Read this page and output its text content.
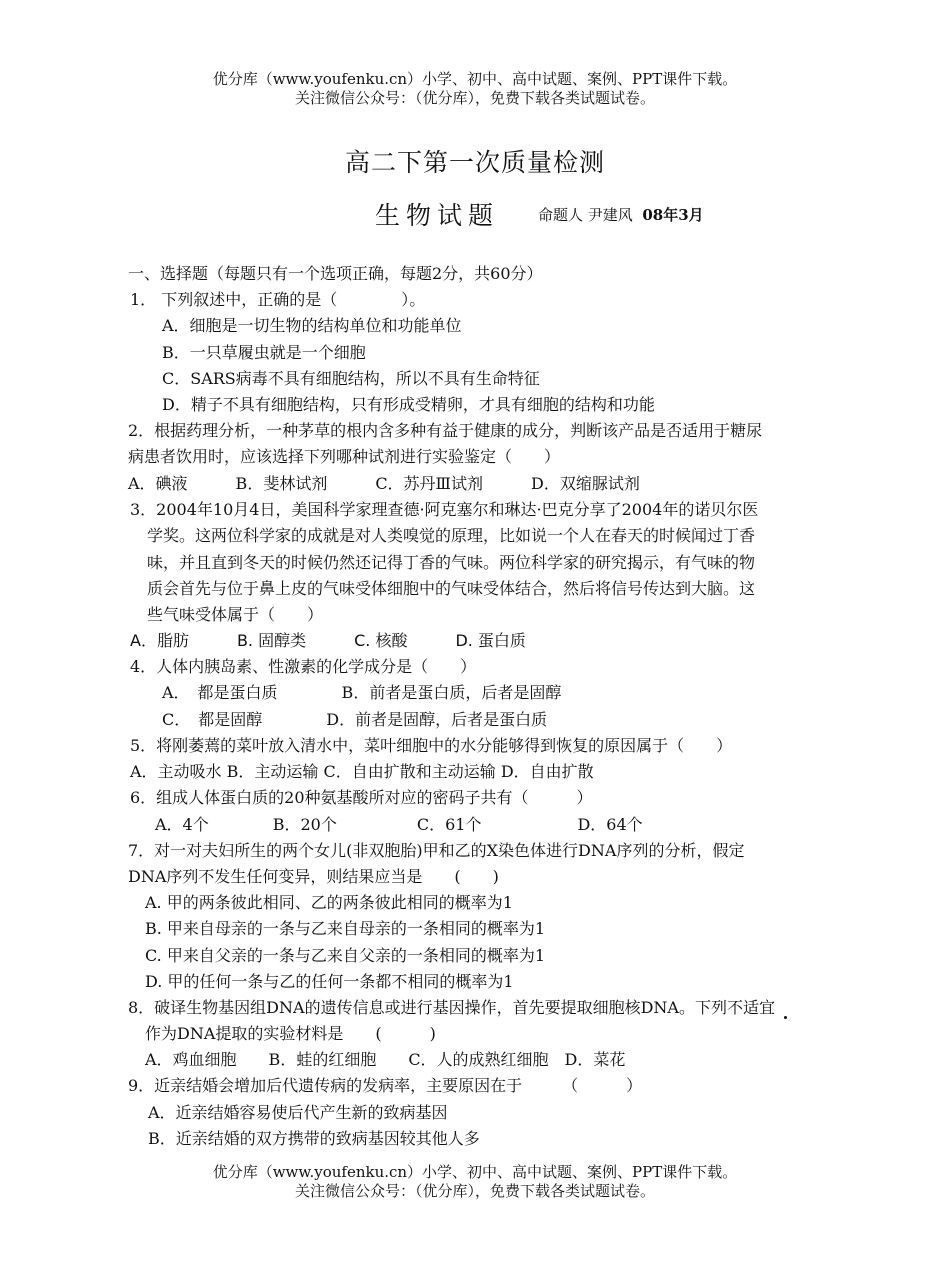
优分库（www.youfenku.cn）小学、初中、高中试题、案例、PPT课件下载。
关注微信公众号：（优分库），免费下载各类试题试卷。
高二下第一次质量检测
生物试题	命题人 尹建风 08年3月
一、选择题（每题只有一个选项正确，每题2分，共60分）
1． 下列叙述中，正确的是（　　　　）。
A．细胞是一切生物的结构单位和功能单位
B．一只草履虫就是一个细胞
C．SARS病毒不具有细胞结构，所以不具有生命特征
D．精子不具有细胞结构，只有形成受精卵，才具有细胞的结构和功能
2．根据药理分析，一种茅草的根内含多种有益于健康的成分，判断该产品是否适用于糖尿
病患者饮用时，应该选择下列哪种试剂进行实验鉴定（　　）
A．碘液　　　B．斐林试剂　　　C．苏丹Ⅲ试剂　　　D．双缩脲试剂
3．2004年10月4日，美国科学家理查德·阿克塞尔和琳达·巴克分享了2004年的诺贝尔医
学奖。这两位科学家的成就是对人类嗅觉的原理，比如说一个人在春天的时候闻过丁香
味，并且直到冬天的时候仍然还记得丁香的气味。两位科学家的研究揭示，有气味的物
质会首先与位于鼻上皮的气味受体细胞中的气味受体结合，然后将信号传达到大脑。这
些气味受体属于（　　）
A．脂肪　　　B. 固醇类　　　C. 核酸　　　D. 蛋白质
4．人体内胰岛素、性激素的化学成分是（　　）
A．　都是蛋白质　　　　B．前者是蛋白质，后者是固醇
C．　都是固醇　　　　D．前者是固醇，后者是蛋白质
5．将刚萎蔫的菜叶放入清水中，菜叶细胞中的水分能够得到恢复的原因属于（　　）
A．主动吸水 B．主动运输 C．自由扩散和主动运输 D．自由扩散
6．组成人体蛋白质的20种氨基酸所对应的密码子共有（　　　）
A．4个　　　　B．20个　　　　　C．61个　　　　　　D．64个
7．对一对夫妇所生的两个女儿(非双胞胎)甲和乙的X染色体进行DNA序列的分析，假定
DNA序列不发生任何变异，则结果应当是　　(　　)
A. 甲的两条彼此相同、乙的两条彼此相同的概率为1
B. 甲来自母亲的一条与乙来自母亲的一条相同的概率为1
C. 甲来自父亲的一条与乙来自父亲的一条相同的概率为1
D. 甲的任何一条与乙的任何一条都不相同的概率为1
8．破译生物基因组DNA的遗传信息或进行基因操作，首先要提取细胞核DNA。下列不适宜
作为DNA提取的实验材料是　　(　　　)
A．鸡血细胞　　B．蛙的红细胞　　C．人的成熟红细胞　D．菜花
9．近亲结婚会增加后代遗传病的发病率，主要原因在于　　　（　　　）
A．近亲结婚容易使后代产生新的致病基因
B．近亲结婚的双方携带的致病基因较其他人多
优分库（www.youfenku.cn）小学、初中、高中试题、案例、PPT课件下载。
关注微信公众号：（优分库），免费下载各类试题试卷。
